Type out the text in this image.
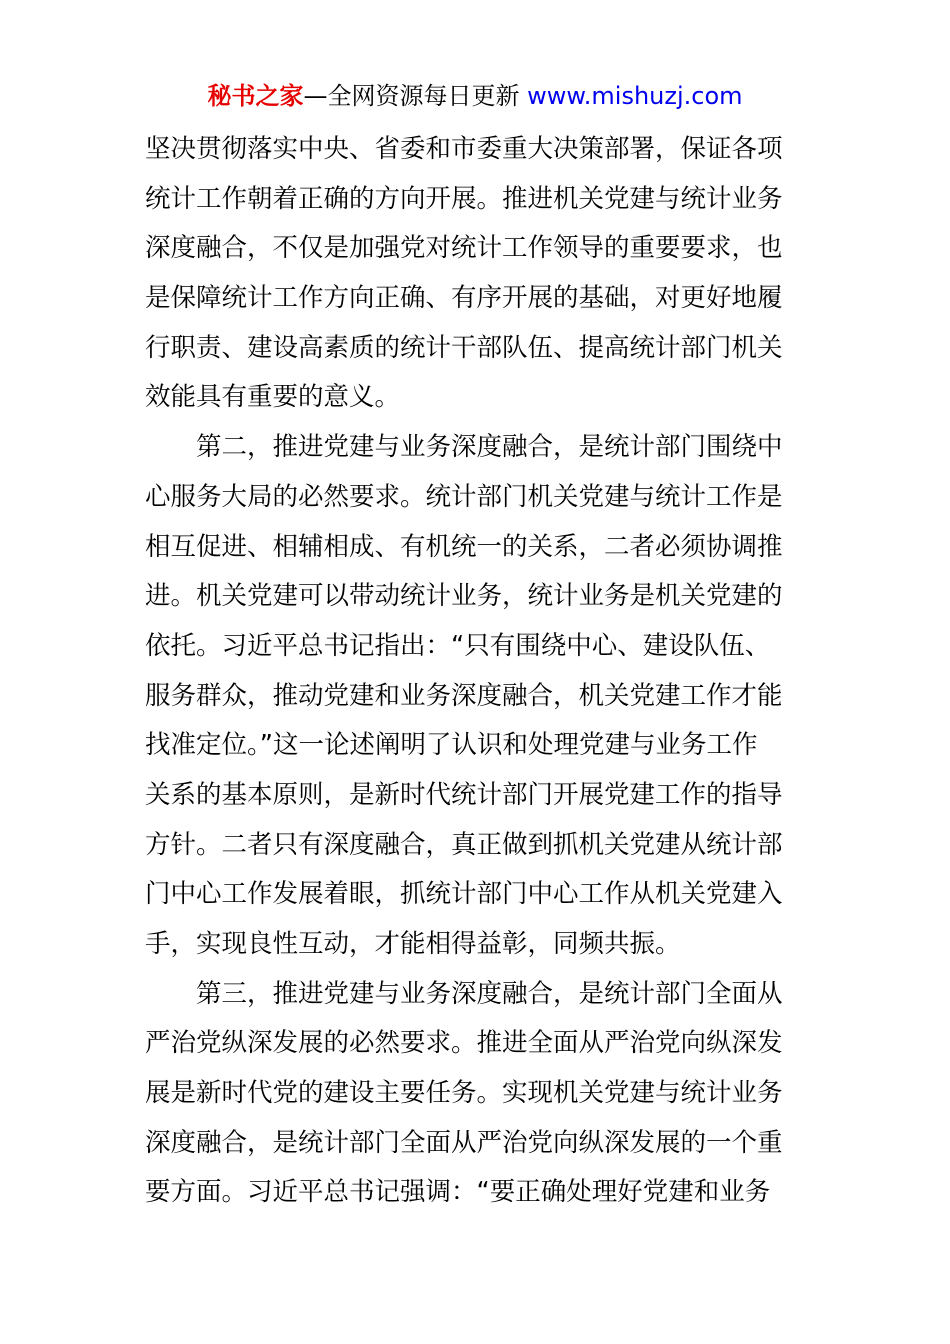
秘书之家—全网资源每日更新 www.mishuzj.com
坚决贯彻落实中央、省委和市委重大决策部署，保证各项
统计工作朝着正确的方向开展。推进机关党建与统计业务
深度融合，不仅是加强党对统计工作领导的重要要求，也
是保障统计工作方向正确、有序开展的基础，对更好地履
行职责、建设高素质的统计干部队伍、提高统计部门机关
效能具有重要的意义。
第二，推进党建与业务深度融合，是统计部门围绕中
心服务大局的必然要求。统计部门机关党建与统计工作是
相互促进、相辅相成、有机统一的关系，二者必须协调推
进。机关党建可以带动统计业务，统计业务是机关党建的
依托。习近平总书记指出：“只有围绕中心、建设队伍、
服务群众，推动党建和业务深度融合，机关党建工作才能
找准定位。”这一论述阐明了认识和处理党建与业务工作
关系的基本原则，是新时代统计部门开展党建工作的指导
方针。二者只有深度融合，真正做到抓机关党建从统计部
门中心工作发展着眼，抓统计部门中心工作从机关党建入
手，实现良性互动，才能相得益彰，同频共振。
第三，推进党建与业务深度融合，是统计部门全面从
严治党纵深发展的必然要求。推进全面从严治党向纵深发
展是新时代党的建设主要任务。实现机关党建与统计业务
深度融合，是统计部门全面从严治党向纵深发展的一个重
要方面。习近平总书记强调：“要正确处理好党建和业务
